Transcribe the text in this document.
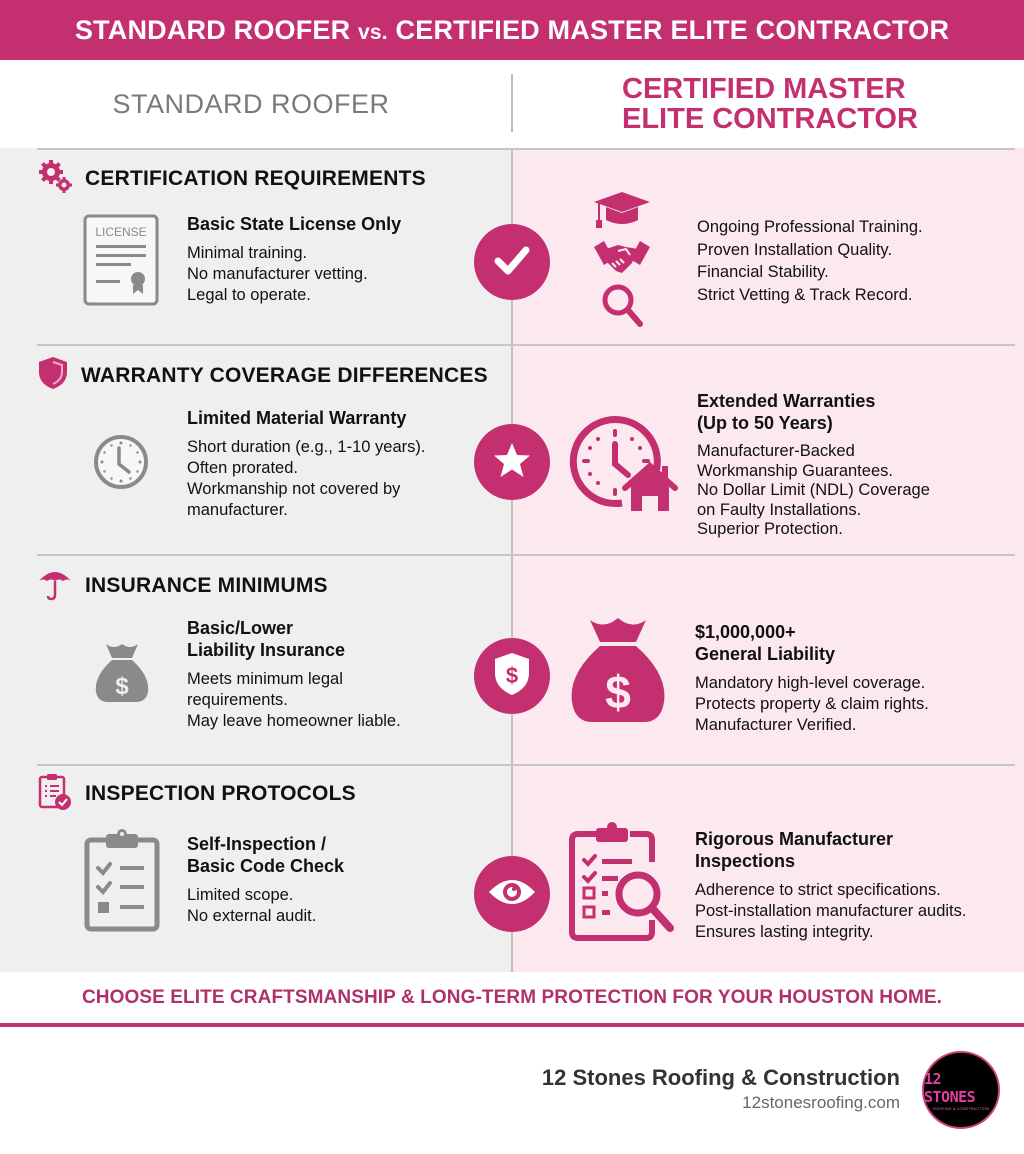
STANDARD ROOFER vs. CERTIFIED MASTER ELITE CONTRACTOR
STANDARD ROOFER	CERTIFIED MASTER
ELITE CONTRACTOR
CERTIFICATION REQUIREMENTS
LICENSE Basic State License Only
Minimal training.
No manufacturer vetting.
Legal to operate.
Ongoing Professional Training.
Proven Installation Quality.
Financial Stability.
Strict Vetting & Track Record.
WARRANTY COVERAGE DIFFERENCES
Limited Material Warranty
Short duration (e.g., 1-10 years).
Often prorated.
Workmanship not covered by
manufacturer.
Extended Warranties
(Up to 50 Years)
Manufacturer-Backed
Workmanship Guarantees.
No Dollar Limit (NDL) Coverage
on Faulty Installations.
Superior Protection.
INSURANCE MINIMUMS
$
Basic/Lower
Liability Insurance
Meets minimum legal
requirements.
May leave homeowner liable.
$ $
$1,000,000+
General Liability
Mandatory high-level coverage.
Protects property & claim rights.
Manufacturer Verified.
INSPECTION PROTOCOLS
Self-Inspection /
Basic Code Check
Limited scope.
No external audit.
Rigorous Manufacturer
Inspections
Adherence to strict specifications.
Post-installation manufacturer audits.
Ensures lasting integrity.
CHOOSE ELITE CRAFTSMANSHIP & LONG-TERM PROTECTION FOR YOUR HOUSTON HOME.
12 Stones Roofing & Construction
12stonesroofing.com
12 STONES
ROOFING & CONSTRUCTION
